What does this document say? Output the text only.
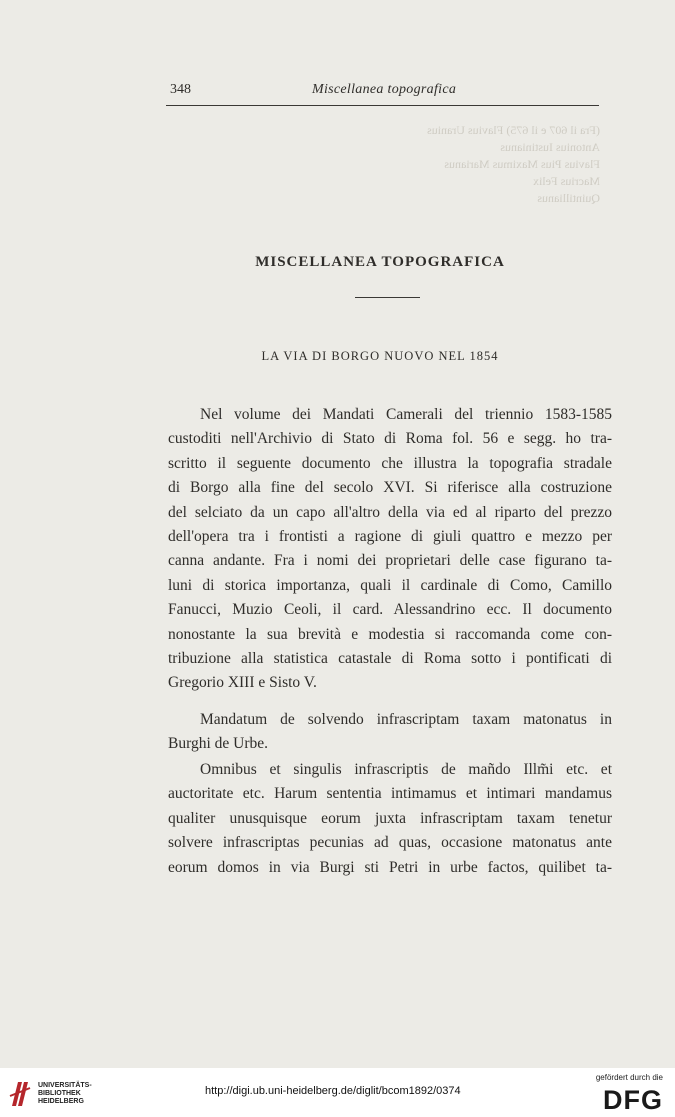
(Fra il 607 e il 675) Flavius Uranius
Antonius Iustinianus
Flavius Pius Maximus Marianus
Macrius Felix
Quintillianus

348	Miscellanea topografica
MISCELLANEA TOPOGRAFICA
LA VIA DI BORGO NUOVO NEL 1854
Nel volume dei Mandati Camerali del triennio 1583-1585
custoditi nell'Archivio di Stato di Roma fol. 56 e segg. ho tra-
scritto il seguente documento che illustra la topografia stradale
di Borgo alla fine del secolo XVI. Si riferisce alla costruzione
del selciato da un capo all'altro della via ed al riparto del prezzo
dell'opera tra i frontisti a ragione di giuli quattro e mezzo per
canna andante. Fra i nomi dei proprietari delle case figurano ta-
luni di storica importanza, quali il cardinale di Como, Camillo
Fanucci, Muzio Ceoli, il card. Alessandrino ecc. Il documento
nonostante la sua brevità e modestia si raccomanda come con-
tribuzione alla statistica catastale di Roma sotto i pontificati di
Gregorio XIII e Sisto V.
Mandatum de solvendo infrascriptam taxam matonatus in
Burghi de Urbe.
Omnibus et singulis infrascriptis de mañdo Illm̃i etc. et
auctoritate etc. Harum sententia intimamus et intimari mandamus
qualiter unusquisque eorum juxta infrascriptam taxam tenetur
solvere infrascriptas pecunias ad quas, occasione matonatus ante
eorum domos in via Burgi sti Petri in urbe factos, quilibet ta-
UNIVERSITÄTS-
BIBLIOTHEK
HEIDELBERG
http://digi.ub.uni-heidelberg.de/diglit/bcom1892/0374
gefördert durch die
DFG
